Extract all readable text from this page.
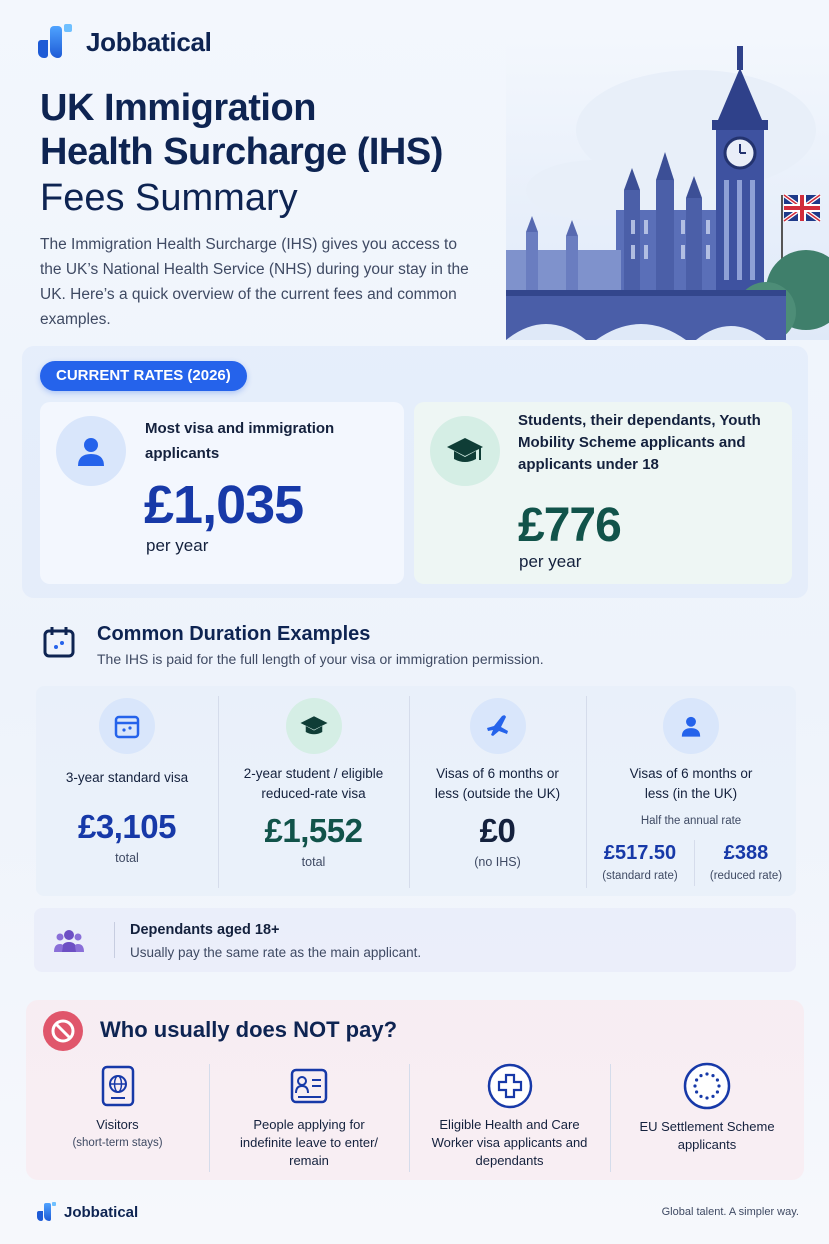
Jobbatical
UK Immigration
Health Surcharge (IHS)
Fees Summary

The Immigration Health Surcharge (IHS) gives you access to the UK’s National Health Service (NHS) during your stay in the UK. Here’s a quick overview of the current fees and common examples.

CURRENT RATES (2026)
Most visa and immigration applicants
£1,035
per year
Students, their dependants, Youth Mobility Scheme applicants and applicants under 18
£776
per year
Common Duration Examples
The IHS is paid for the full length of your visa or immigration permission.
3-year standard visa
£3,105
total
2-year student / eligible reduced-rate visa
£1,552
total
Visas of 6 months or less (outside the UK)
£0
(no IHS)
Visas of 6 months or less (in the UK)
Half the annual rate
£517.50
(standard rate)
£388
(reduced rate)
Dependants aged 18+
Usually pay the same rate as the main applicant.
Who usually does NOT pay?
Visitors
(short-term stays)
People applying for indefinite leave to enter/ remain
Eligible Health and Care Worker visa applicants and dependants
EU Settlement Scheme applicants
Jobbatical	Global talent. A simpler way.
